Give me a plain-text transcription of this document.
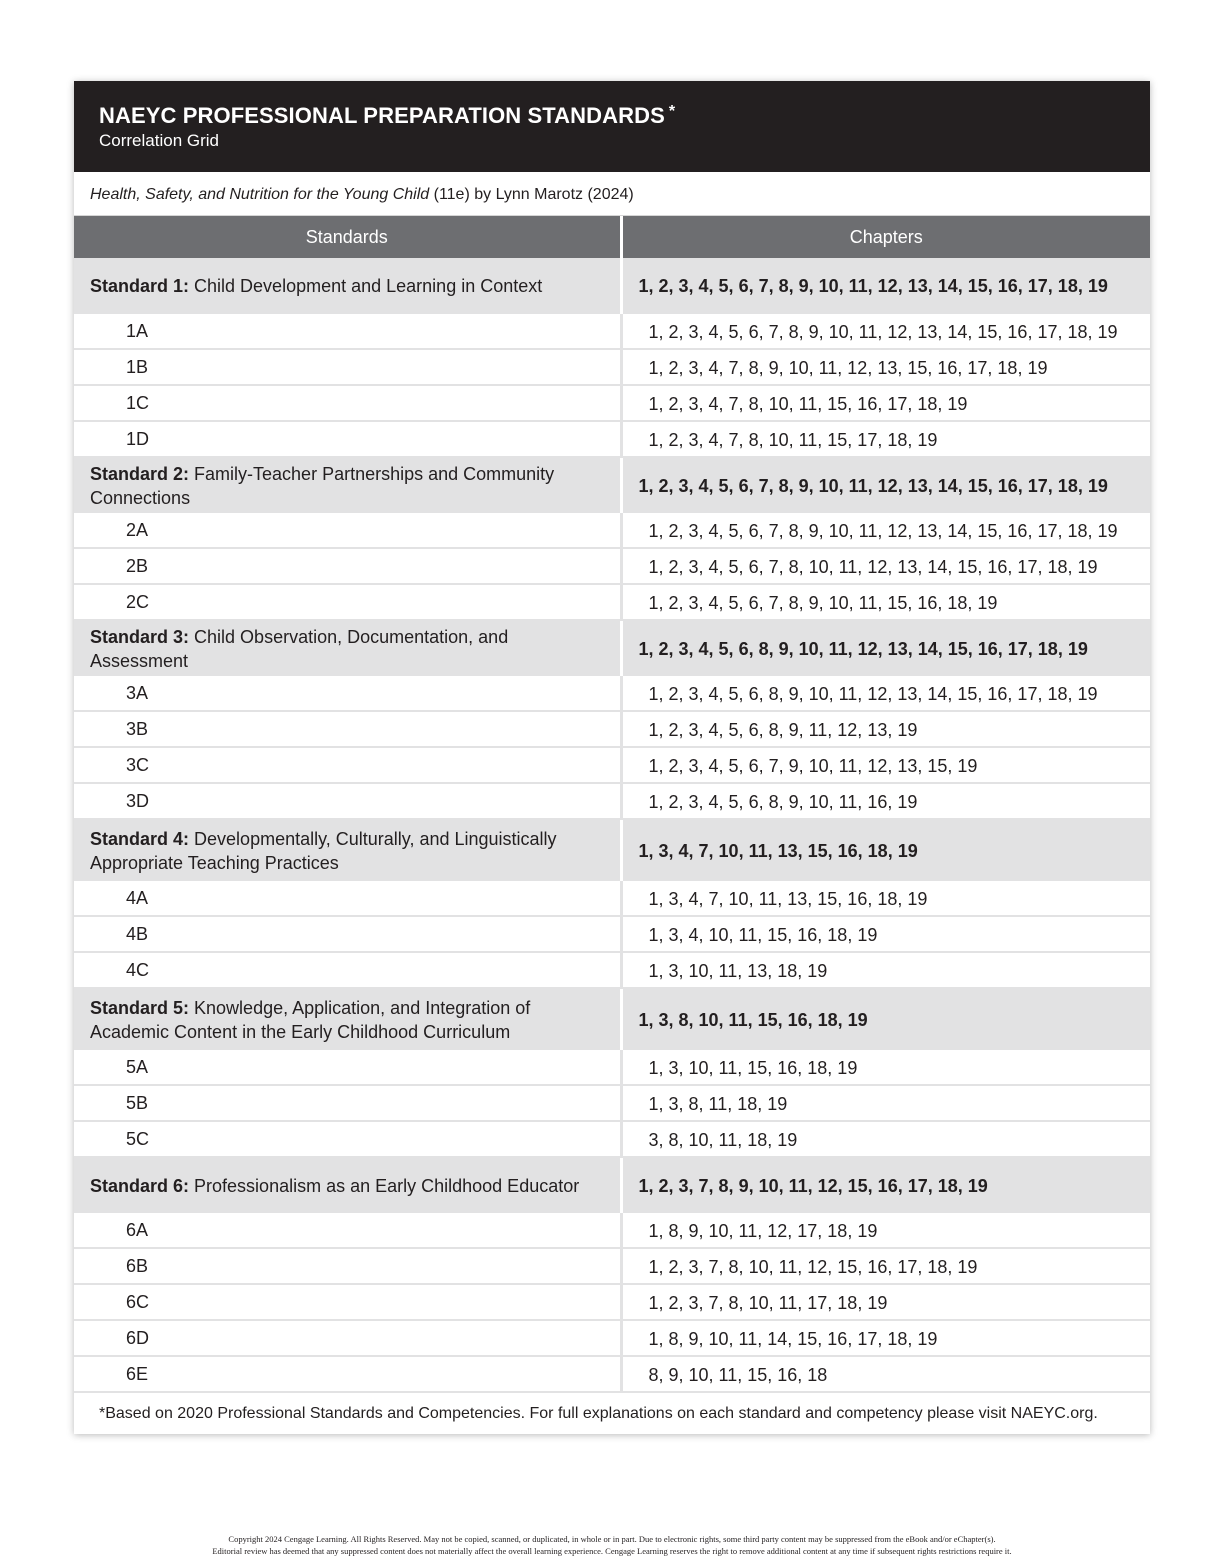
NAEYC PROFESSIONAL PREPARATION STANDARDS *
Correlation Grid
Health, Safety, and Nutrition for the Young Child (11e) by Lynn Marotz (2024)
Standards	Chapters
Standard 1: Child Development and Learning in Context	1, 2, 3, 4, 5, 6, 7, 8, 9, 10, 11, 12, 13, 14, 15, 16, 17, 18, 19
1A	1, 2, 3, 4, 5, 6, 7, 8, 9, 10, 11, 12, 13, 14, 15, 16, 17, 18, 19
1B	1, 2, 3, 4, 7, 8, 9, 10, 11, 12, 13, 15, 16, 17, 18, 19
1C	1, 2, 3, 4, 7, 8, 10, 11, 15, 16, 17, 18, 19
1D	1, 2, 3, 4, 7, 8, 10, 11, 15, 17, 18, 19
Standard 2: Family-Teacher Partnerships and Community Connections	1, 2, 3, 4, 5, 6, 7, 8, 9, 10, 11, 12, 13, 14, 15, 16, 17, 18, 19
2A	1, 2, 3, 4, 5, 6, 7, 8, 9, 10, 11, 12, 13, 14, 15, 16, 17, 18, 19
2B	1, 2, 3, 4, 5, 6, 7, 8, 10, 11, 12, 13, 14, 15, 16, 17, 18, 19
2C	1, 2, 3, 4, 5, 6, 7, 8, 9, 10, 11, 15, 16, 18, 19
Standard 3: Child Observation, Documentation, and Assessment	1, 2, 3, 4, 5, 6, 8, 9, 10, 11, 12, 13, 14, 15, 16, 17, 18, 19
3A	1, 2, 3, 4, 5, 6, 8, 9, 10, 11, 12, 13, 14, 15, 16, 17, 18, 19
3B	1, 2, 3, 4, 5, 6, 8, 9, 11, 12, 13, 19
3C	1, 2, 3, 4, 5, 6, 7, 9, 10, 11, 12, 13, 15, 19
3D	1, 2, 3, 4, 5, 6, 8, 9, 10, 11, 16, 19
Standard 4: Developmentally, Culturally, and Linguistically Appropriate Teaching Practices	1, 3, 4, 7, 10, 11, 13, 15, 16, 18, 19
4A	1, 3, 4, 7, 10, 11, 13, 15, 16, 18, 19
4B	1, 3, 4, 10, 11, 15, 16, 18, 19
4C	1, 3, 10, 11, 13, 18, 19
Standard 5: Knowledge, Application, and Integration of Academic Content in the Early Childhood Curriculum	1, 3, 8, 10, 11, 15, 16, 18, 19
5A	1, 3, 10, 11, 15, 16, 18, 19
5B	1, 3, 8, 11, 18, 19
5C	3, 8, 10, 11, 18, 19
Standard 6: Professionalism as an Early Childhood Educator	1, 2, 3, 7, 8, 9, 10, 11, 12, 15, 16, 17, 18, 19
6A	1, 8, 9, 10, 11, 12, 17, 18, 19
6B	1, 2, 3, 7, 8, 10, 11, 12, 15, 16, 17, 18, 19
6C	1, 2, 3, 7, 8, 10, 11, 17, 18, 19
6D	1, 8, 9, 10, 11, 14, 15, 16, 17, 18, 19
6E	8, 9, 10, 11, 15, 16, 18
*Based on 2020 Professional Standards and Competencies. For full explanations on each standard and competency please visit NAEYC.org.
Copyright 2024 Cengage Learning. All Rights Reserved. May not be copied, scanned, or duplicated, in whole or in part. Due to electronic rights, some third party content may be suppressed from the eBook and/or eChapter(s).
Editorial review has deemed that any suppressed content does not materially affect the overall learning experience. Cengage Learning reserves the right to remove additional content at any time if subsequent rights restrictions require it.
